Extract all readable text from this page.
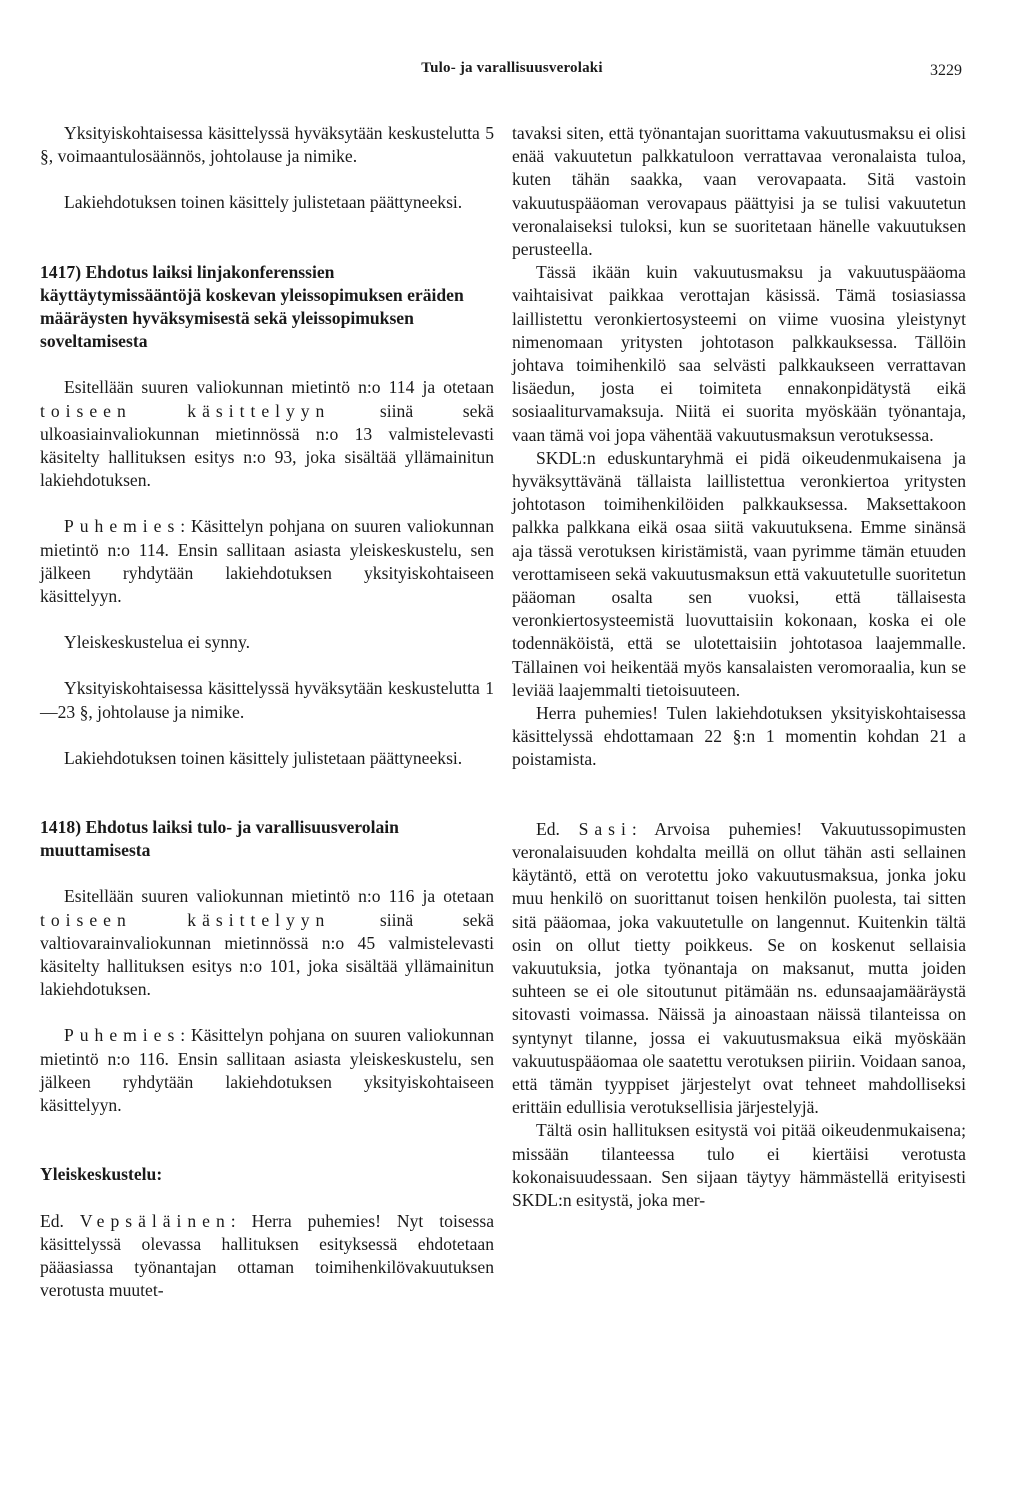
Tulo- ja varallisuusverolaki	3229

Yksityiskohtaisessa käsittelyssä hyväksytään keskustelutta 5 §, voimaantulosäännös, johtolause ja nimike.

Lakiehdotuksen toinen käsittely julistetaan päättyneeksi.

1417) Ehdotus laiksi linjakonferenssien käyttäytymissääntöjä koskevan yleissopimuksen eräiden määräysten hyväksymisestä sekä yleissopimuksen soveltamisesta

Esitellään suuren valiokunnan mietintö n:o 114 ja otetaan toiseen käsittelyyn siinä sekä ulkoasiainvaliokunnan mietinnössä n:o 13 valmistelevasti käsitelty hallituksen esitys n:o 93, joka sisältää yllämainitun lakiehdotuksen.

Puhemies: Käsittelyn pohjana on suuren valiokunnan mietintö n:o 114. Ensin sallitaan asiasta yleiskeskustelu, sen jälkeen ryhdytään lakiehdotuksen yksityiskohtaiseen käsittelyyn.

Yleiskeskustelua ei synny.

Yksityiskohtaisessa käsittelyssä hyväksytään keskustelutta 1—23 §, johtolause ja nimike.

Lakiehdotuksen toinen käsittely julistetaan päättyneeksi.

1418) Ehdotus laiksi tulo- ja varallisuusverolain muuttamisesta

Esitellään suuren valiokunnan mietintö n:o 116 ja otetaan toiseen käsittelyyn siinä sekä valtiovarainvaliokunnan mietinnössä n:o 45 valmistelevasti käsitelty hallituksen esitys n:o 101, joka sisältää yllämainitun lakiehdotuksen.

Puhemies: Käsittelyn pohjana on suuren valiokunnan mietintö n:o 116. Ensin sallitaan asiasta yleiskeskustelu, sen jälkeen ryhdytään lakiehdotuksen yksityiskohtaiseen käsittelyyn.

Yleiskeskustelu:

Ed. Vepsäläinen: Herra puhemies! Nyt toisessa käsittelyssä olevassa hallituksen esityksessä ehdotetaan pääasiassa työnantajan ottaman toimihenkilövakuutuksen verotusta muutet-

tavaksi siten, että työnantajan suorittama vakuutusmaksu ei olisi enää vakuutetun palkkatuloon verrattavaa veronalaista tuloa, kuten tähän saakka, vaan verovapaata. Sitä vastoin vakuutuspääoman verovapaus päättyisi ja se tulisi vakuutetun veronalaiseksi tuloksi, kun se suoritetaan hänelle vakuutuksen perusteella.

Tässä ikään kuin vakuutusmaksu ja vakuutuspääoma vaihtaisivat paikkaa verottajan käsissä. Tämä tosiasiassa laillistettu veronkiertosysteemi on viime vuosina yleistynyt nimenomaan yritysten johtotason palkkauksessa. Tällöin johtava toimihenkilö saa selvästi palkkaukseen verrattavan lisäedun, josta ei toimiteta ennakonpidätystä eikä sosiaaliturvamaksuja. Niitä ei suorita myöskään työnantaja, vaan tämä voi jopa vähentää vakuutusmaksun verotuksessa.

SKDL:n eduskuntaryhmä ei pidä oikeudenmukaisena ja hyväksyttävänä tällaista laillistettua veronkiertoa yritysten johtotason toimihenkilöiden palkkauksessa. Maksettakoon palkka palkkana eikä osaa siitä vakuutuksena. Emme sinänsä aja tässä verotuksen kiristämistä, vaan pyrimme tämän etuuden verottamiseen sekä vakuutusmaksun että vakuutetulle suoritetun pääoman osalta sen vuoksi, että tällaisesta veronkiertosysteemistä luovuttaisiin kokonaan, koska ei ole todennäköistä, että se ulotettaisiin johtotasoa laajemmalle. Tällainen voi heikentää myös kansalaisten veromoraalia, kun se leviää laajemmalti tietoisuuteen.

Herra puhemies! Tulen lakiehdotuksen yksityiskohtaisessa käsittelyssä ehdottamaan 22 §:n 1 momentin kohdan 21 a poistamista.

Ed. Sasi: Arvoisa puhemies! Vakuutussopimusten veronalaisuuden kohdalta meillä on ollut tähän asti sellainen käytäntö, että on verotettu joko vakuutusmaksua, jonka joku muu henkilö on suorittanut toisen henkilön puolesta, tai sitten sitä pääomaa, joka vakuutetulle on langennut. Kuitenkin tältä osin on ollut tietty poikkeus. Se on koskenut sellaisia vakuutuksia, jotka työnantaja on maksanut, mutta joiden suhteen se ei ole sitoutunut pitämään ns. edunsaajamääräystä sitovasti voimassa. Näissä ja ainoastaan näissä tilanteissa on syntynyt tilanne, jossa ei vakuutusmaksua eikä myöskään vakuutuspääomaa ole saatettu verotuksen piiriin. Voidaan sanoa, että tämän tyyppiset järjestelyt ovat tehneet mahdolliseksi erittäin edullisia verotuksellisia järjestelyjä.

Tältä osin hallituksen esitystä voi pitää oikeudenmukaisena; missään tilanteessa tulo ei kiertäisi verotusta kokonaisuudessaan. Sen sijaan täytyy hämmästellä erityisesti SKDL:n esitystä, joka mer-
